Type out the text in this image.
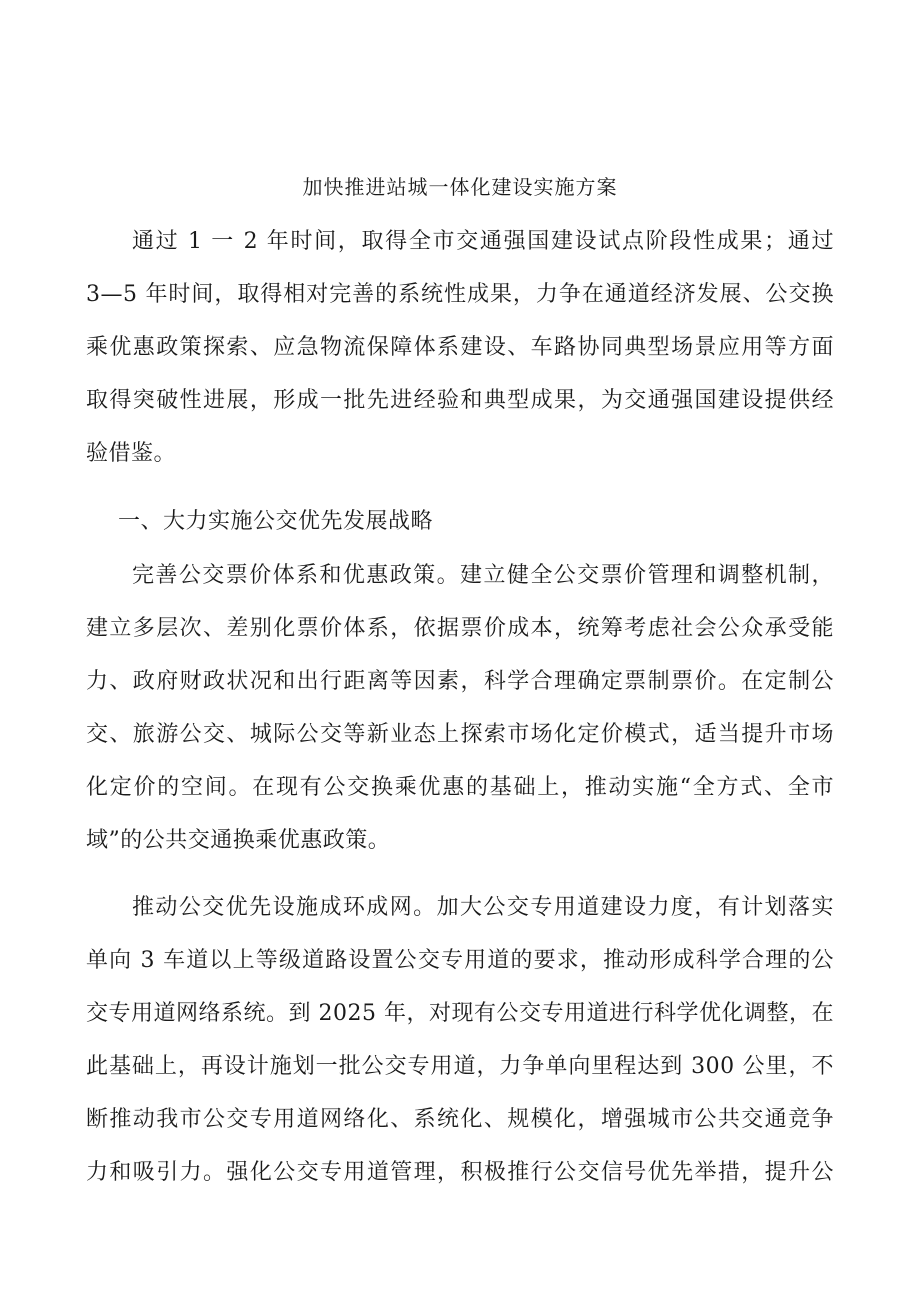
加快推进站城一体化建设实施方案
通过 1 一 2 年时间，取得全市交通强国建设试点阶段性成果；通过
3—5 年时间，取得相对完善的系统性成果，力争在通道经济发展、公交换
乘优惠政策探索、应急物流保障体系建设、车路协同典型场景应用等方面
取得突破性进展，形成一批先进经验和典型成果，为交通强国建设提供经
验借鉴。
一、大力实施公交优先发展战略
完善公交票价体系和优惠政策。建立健全公交票价管理和调整机制，
建立多层次、差别化票价体系，依据票价成本，统筹考虑社会公众承受能
力、政府财政状况和出行距离等因素，科学合理确定票制票价。在定制公
交、旅游公交、城际公交等新业态上探索市场化定价模式，适当提升市场
化定价的空间。在现有公交换乘优惠的基础上，推动实施“全方式、全市
域”的公共交通换乘优惠政策。
推动公交优先设施成环成网。加大公交专用道建设力度，有计划落实
单向 3 车道以上等级道路设置公交专用道的要求，推动形成科学合理的公
交专用道网络系统。到 2025 年，对现有公交专用道进行科学优化调整，在
此基础上，再设计施划一批公交专用道，力争单向里程达到 300 公里，不
断推动我市公交专用道网络化、系统化、规模化，增强城市公共交通竞争
力和吸引力。强化公交专用道管理，积极推行公交信号优先举措，提升公
